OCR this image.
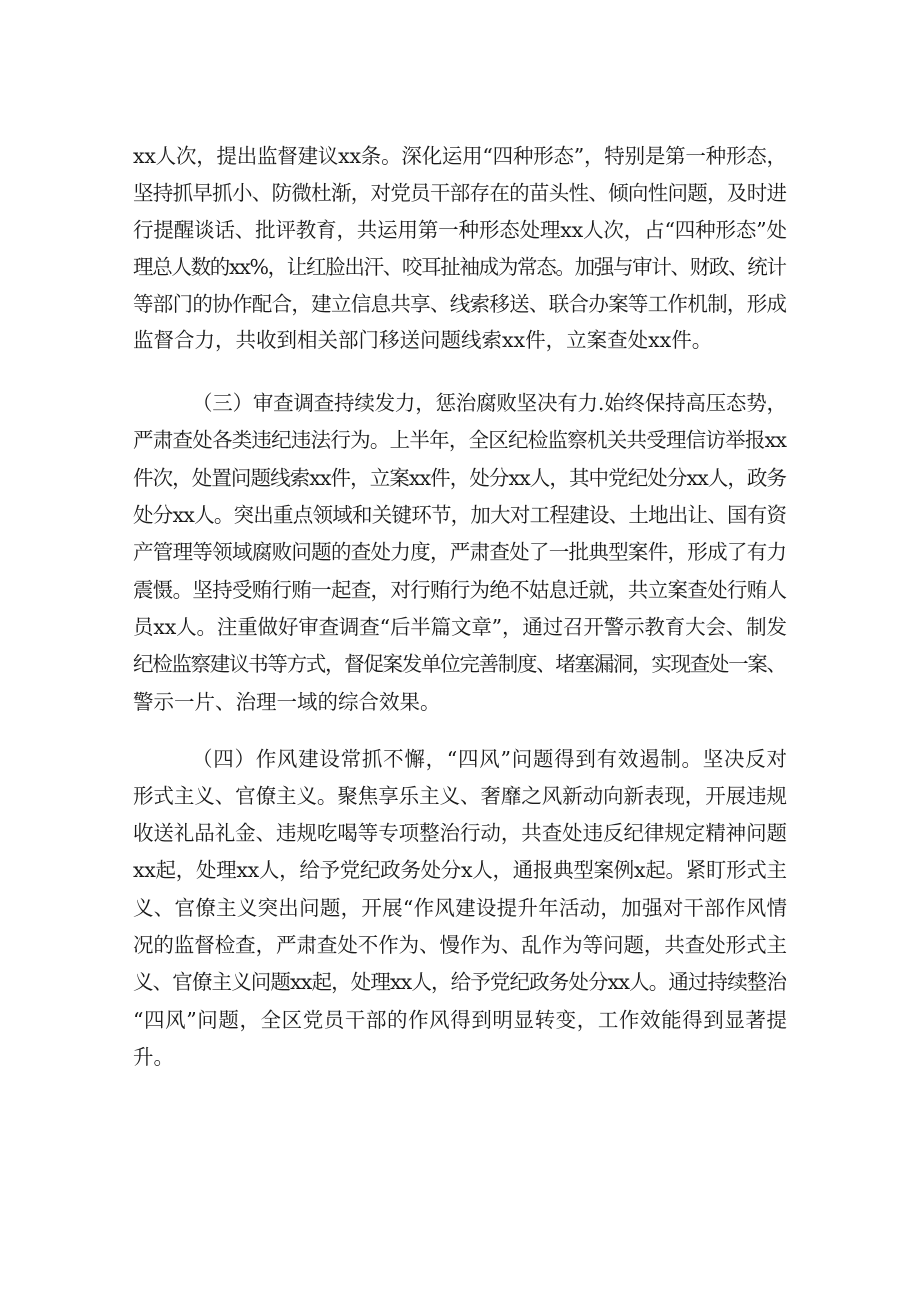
xx人次，提出监督建议xx条。深化运用“四种形态”，特别是第一种形态，
坚持抓早抓小、防微杜渐，对党员干部存在的苗头性、倾向性问题，及时进
行提醒谈话、批评教育，共运用第一种形态处理xx人次，占“四种形态”处
理总人数的xx%，让红脸出汗、咬耳扯袖成为常态。加强与审计、财政、统计
等部门的协作配合，建立信息共享、线索移送、联合办案等工作机制，形成
监督合力，共收到相关部门移送问题线索xx件，立案查处xx件。
（三）审查调查持续发力，惩治腐败坚决有力.始终保持高压态势，
严肃查处各类违纪违法行为。上半年，全区纪检监察机关共受理信访举报xx
件次，处置问题线索xx件，立案xx件，处分xx人，其中党纪处分xx人，政务
处分xx人。突出重点领域和关键环节，加大对工程建设、土地出让、国有资
产管理等领域腐败问题的查处力度，严肃查处了一批典型案件，形成了有力
震慑。坚持受贿行贿一起查，对行贿行为绝不姑息迁就，共立案查处行贿人
员xx人。注重做好审查调查“后半篇文章”，通过召开警示教育大会、制发
纪检监察建议书等方式，督促案发单位完善制度、堵塞漏洞，实现查处一案、
警示一片、治理一域的综合效果。
（四）作风建设常抓不懈，“四风”问题得到有效遏制。坚决反对
形式主义、官僚主义。聚焦享乐主义、奢靡之风新动向新表现，开展违规
收送礼品礼金、违规吃喝等专项整治行动，共查处违反纪律规定精神问题
xx起，处理xx人，给予党纪政务处分x人，通报典型案例x起。紧盯形式主
义、官僚主义突出问题，开展“作风建设提升年活动，加强对干部作风情
况的监督检查，严肃查处不作为、慢作为、乱作为等问题，共查处形式主
义、官僚主义问题xx起，处理xx人，给予党纪政务处分xx人。通过持续整治
“四风”问题，全区党员干部的作风得到明显转变，工作效能得到显著提
升。
